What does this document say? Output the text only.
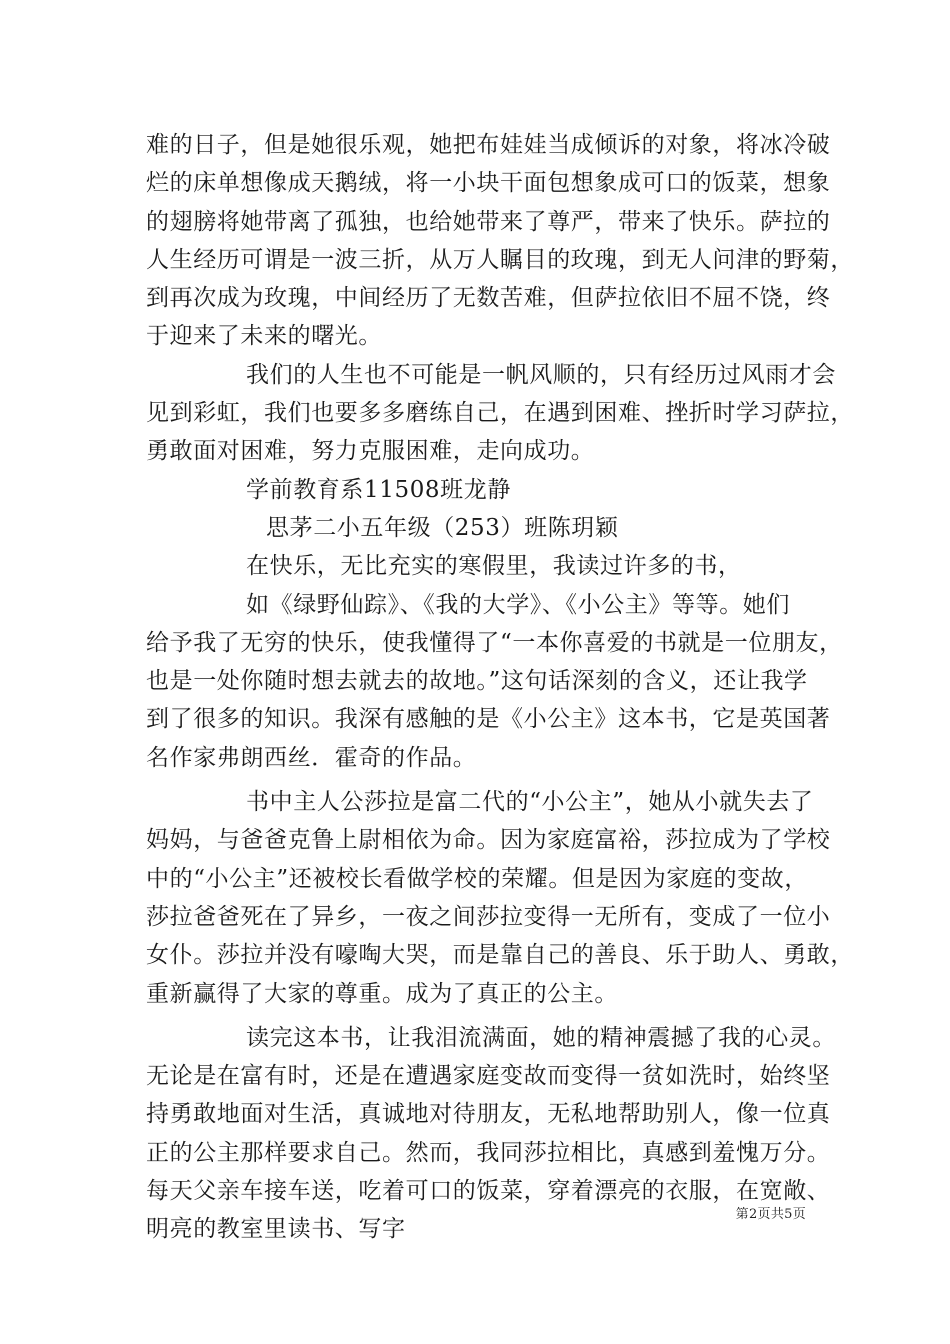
难的日子，但是她很乐观，她把布娃娃当成倾诉的对象，将冰冷破
烂的床单想像成天鹅绒，将一小块干面包想象成可口的饭菜，想象
的翅膀将她带离了孤独，也给她带来了尊严，带来了快乐。萨拉的
人生经历可谓是一波三折，从万人瞩目的玫瑰，到无人问津的野菊，
到再次成为玫瑰，中间经历了无数苦难，但萨拉依旧不屈不饶，终
于迎来了未来的曙光。
我们的人生也不可能是一帆风顺的，只有经历过风雨才会
见到彩虹，我们也要多多磨练自己，在遇到困难、挫折时学习萨拉，
勇敢面对困难，努力克服困难，走向成功。
学前教育系11508班龙静
思茅二小五年级（253）班陈玥颖
在快乐，无比充实的寒假里，我读过许多的书，
如《绿野仙踪》、《我的大学》、《小公主》等等。她们
给予我了无穷的快乐，使我懂得了“一本你喜爱的书就是一位朋友，
也是一处你随时想去就去的故地。”这句话深刻的含义，还让我学
到了很多的知识。我深有感触的是《小公主》这本书，它是英国著
名作家弗朗西丝．霍奇的作品。
书中主人公莎拉是富二代的“小公主”，她从小就失去了
妈妈，与爸爸克鲁上尉相依为命。因为家庭富裕，莎拉成为了学校
中的“小公主”还被校长看做学校的荣耀。但是因为家庭的变故，
莎拉爸爸死在了异乡，一夜之间莎拉变得一无所有，变成了一位小
女仆。莎拉并没有嚎啕大哭，而是靠自己的善良、乐于助人、勇敢，
重新赢得了大家的尊重。成为了真正的公主。
读完这本书，让我泪流满面，她的精神震撼了我的心灵。
无论是在富有时，还是在遭遇家庭变故而变得一贫如洗时，始终坚
持勇敢地面对生活，真诚地对待朋友，无私地帮助别人，像一位真
正的公主那样要求自己。然而，我同莎拉相比，真感到羞愧万分。
每天父亲车接车送，吃着可口的饭菜，穿着漂亮的衣服，在宽敞、
明亮的教室里读书、写字
第2页共5页
